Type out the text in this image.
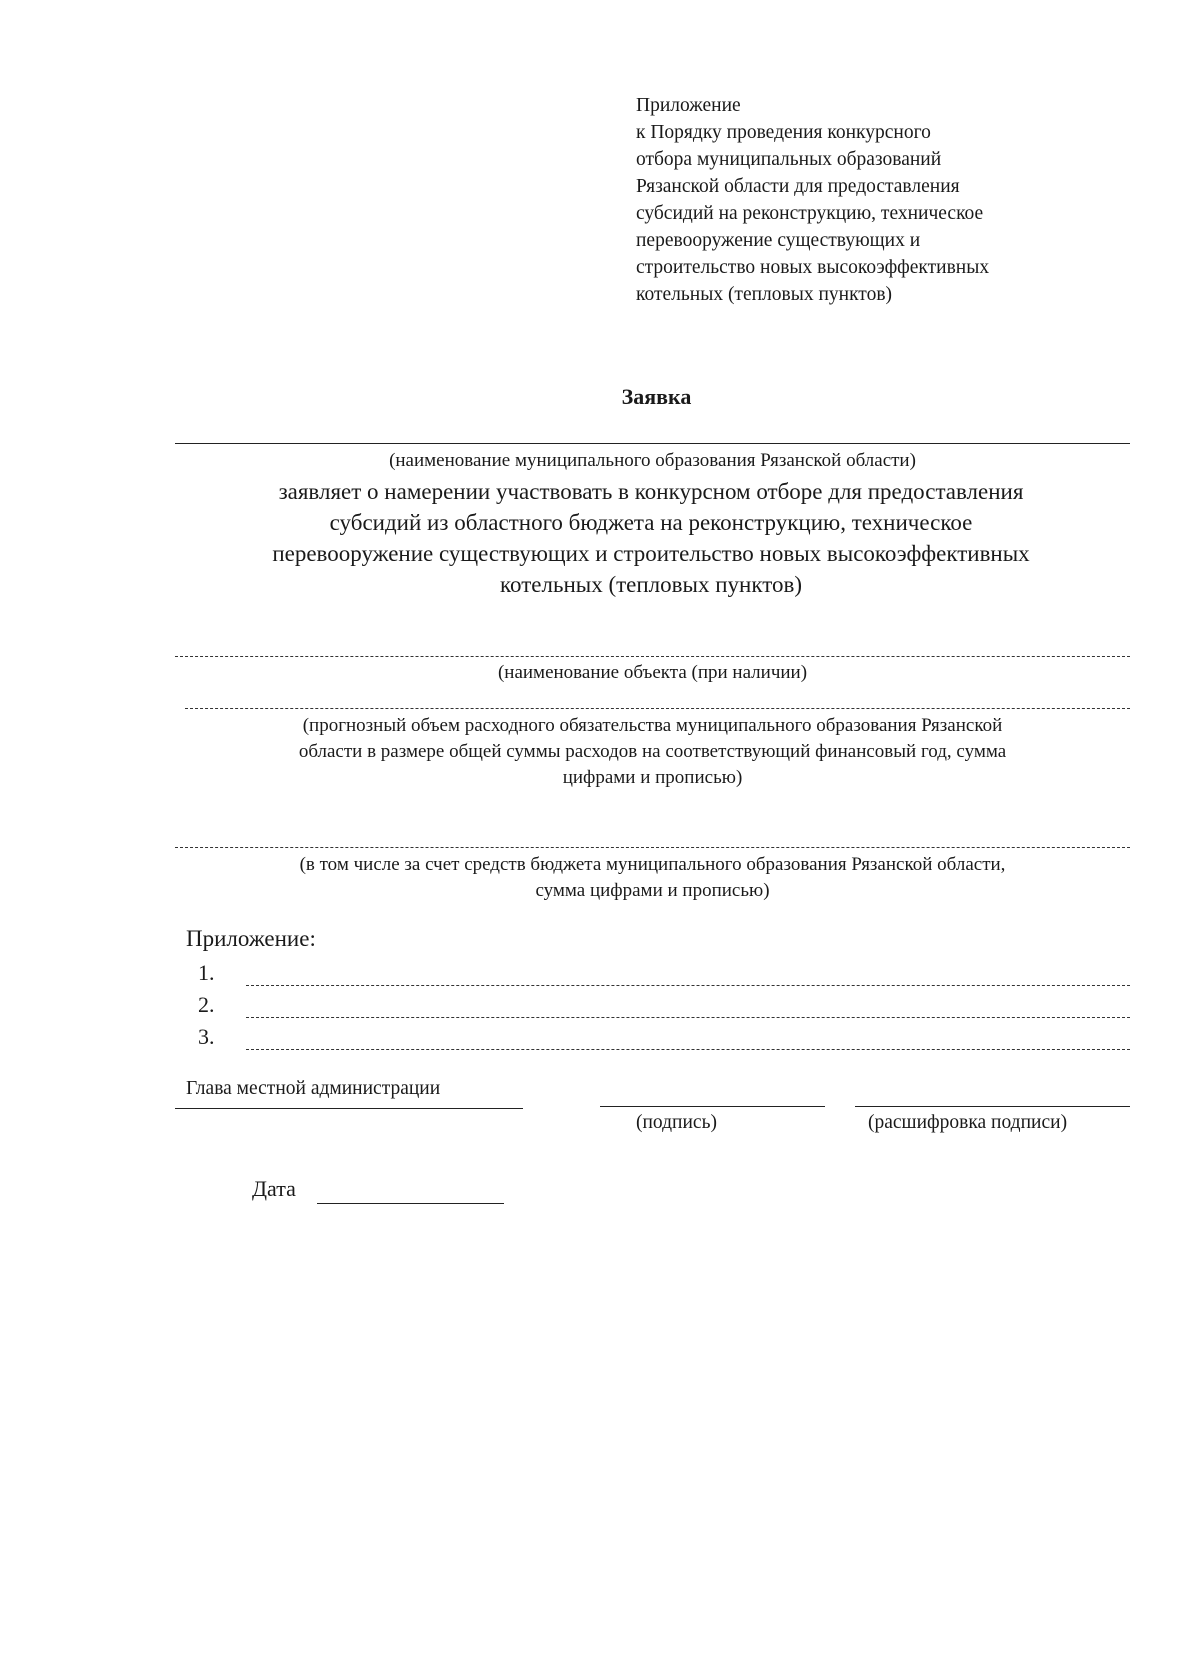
Приложение
к Порядку проведения конкурсного
отбора муниципальных образований
Рязанской области для предоставления
субсидий на реконструкцию, техническое
перевооружение существующих и
строительство новых высокоэффективных
котельных (тепловых пунктов)
Заявка
(наименование муниципального образования Рязанской области)
заявляет о намерении участвовать в конкурсном отборе для предоставления
субсидий из областного бюджета на реконструкцию, техническое
перевооружение существующих и строительство новых высокоэффективных
котельных (тепловых пунктов)
(наименование объекта (при наличии)
(прогнозный объем расходного обязательства муниципального образования Рязанской
области в размере общей суммы расходов на соответствующий финансовый год, сумма
цифрами и прописью)
(в том числе за счет средств бюджета муниципального образования Рязанской области,
сумма цифрами и прописью)
Приложение:
1.
2.
3.
Глава местной администрации
(подпись)	(расшифровка подписи)
Дата
